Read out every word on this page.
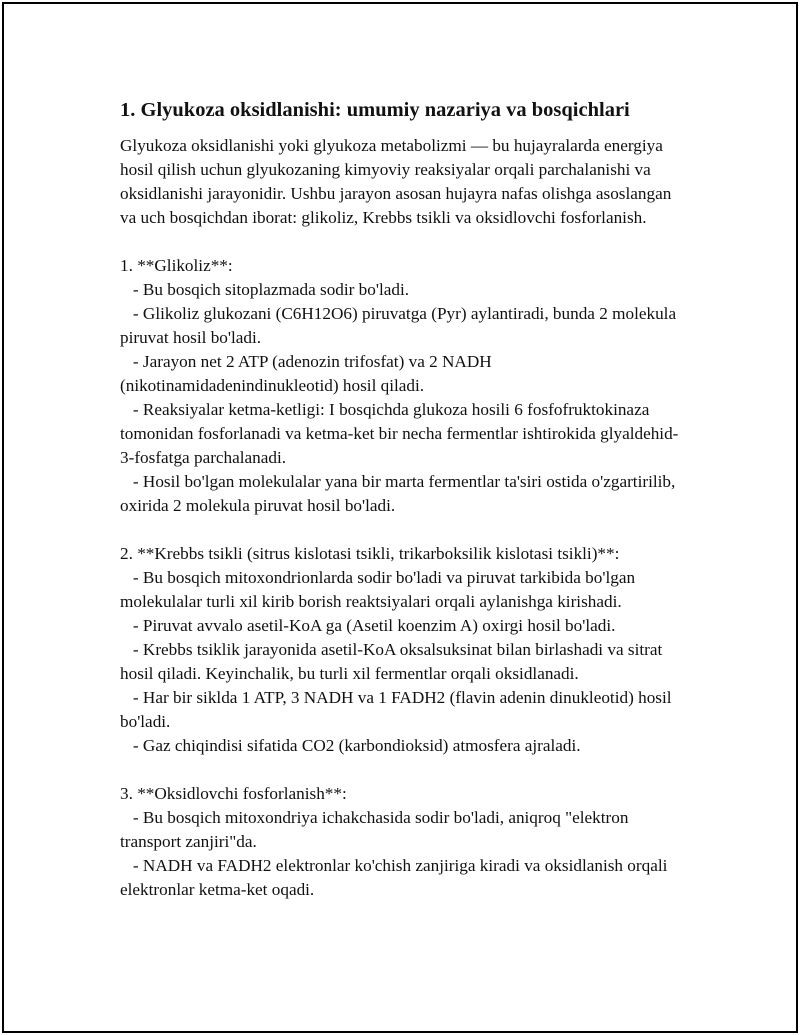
1. Glyukoza oksidlanishi: umumiy nazariya va bosqichlari

Glyukoza oksidlanishi yoki glyukoza metabolizmi — bu hujayralarda energiya hosil qilish uchun glyukozaning kimyoviy reaksiyalar orqali parchalanishi va oksidlanishi jarayonidir. Ushbu jarayon asosan hujayra nafas olishga asoslangan va uch bosqichdan iborat: glikoliz, Krebbs tsikli va oksidlovchi fosforlanish.

1. **Glikoliz**:
- Bu bosqich sitoplazmada sodir bo'ladi.
- Glikoliz glukozani (C6H12O6) piruvatga (Pyr) aylantiradi, bunda 2 molekula piruvat hosil bo'ladi.
- Jarayon net 2 ATP (adenozin trifosfat) va 2 NADH (nikotinamidadenindinukleotid) hosil qiladi.
- Reaksiyalar ketma-ketligi: I bosqichda glukoza hosili 6 fosfofruktokinaza tomonidan fosforlanadi va ketma-ket bir necha fermentlar ishtirokida glyaldehid-3-fosfatga parchalanadi.
- Hosil bo'lgan molekulalar yana bir marta fermentlar ta'siri ostida o'zgartirilib, oxirida 2 molekula piruvat hosil bo'ladi.
2. **Krebbs tsikli (sitrus kislotasi tsikli, trikarboksilik kislotasi tsikli)**:
- Bu bosqich mitoxondrionlarda sodir bo'ladi va piruvat tarkibida bo'lgan molekulalar turli xil kirib borish reaktsiyalari orqali aylanishga kirishadi.
- Piruvat avvalo asetil-KoA ga (Asetil koenzim A) oxirgi hosil bo'ladi.
- Krebbs tsiklik jarayonida asetil-KoA oksalsuksinat bilan birlashadi va sitrat hosil qiladi. Keyinchalik, bu turli xil fermentlar orqali oksidlanadi.
- Har bir siklda 1 ATP, 3 NADH va 1 FADH2 (flavin adenin dinukleotid) hosil bo'ladi.
- Gaz chiqindisi sifatida CO2 (karbondioksid) atmosfera ajraladi.
3. **Oksidlovchi fosforlanish**:
- Bu bosqich mitoxondriya ichakchasida sodir bo'ladi, aniqroq "elektron transport zanjiri"da.
- NADH va FADH2 elektronlar ko'chish zanjiriga kiradi va oksidlanish orqali elektronlar ketma-ket oqadi.
